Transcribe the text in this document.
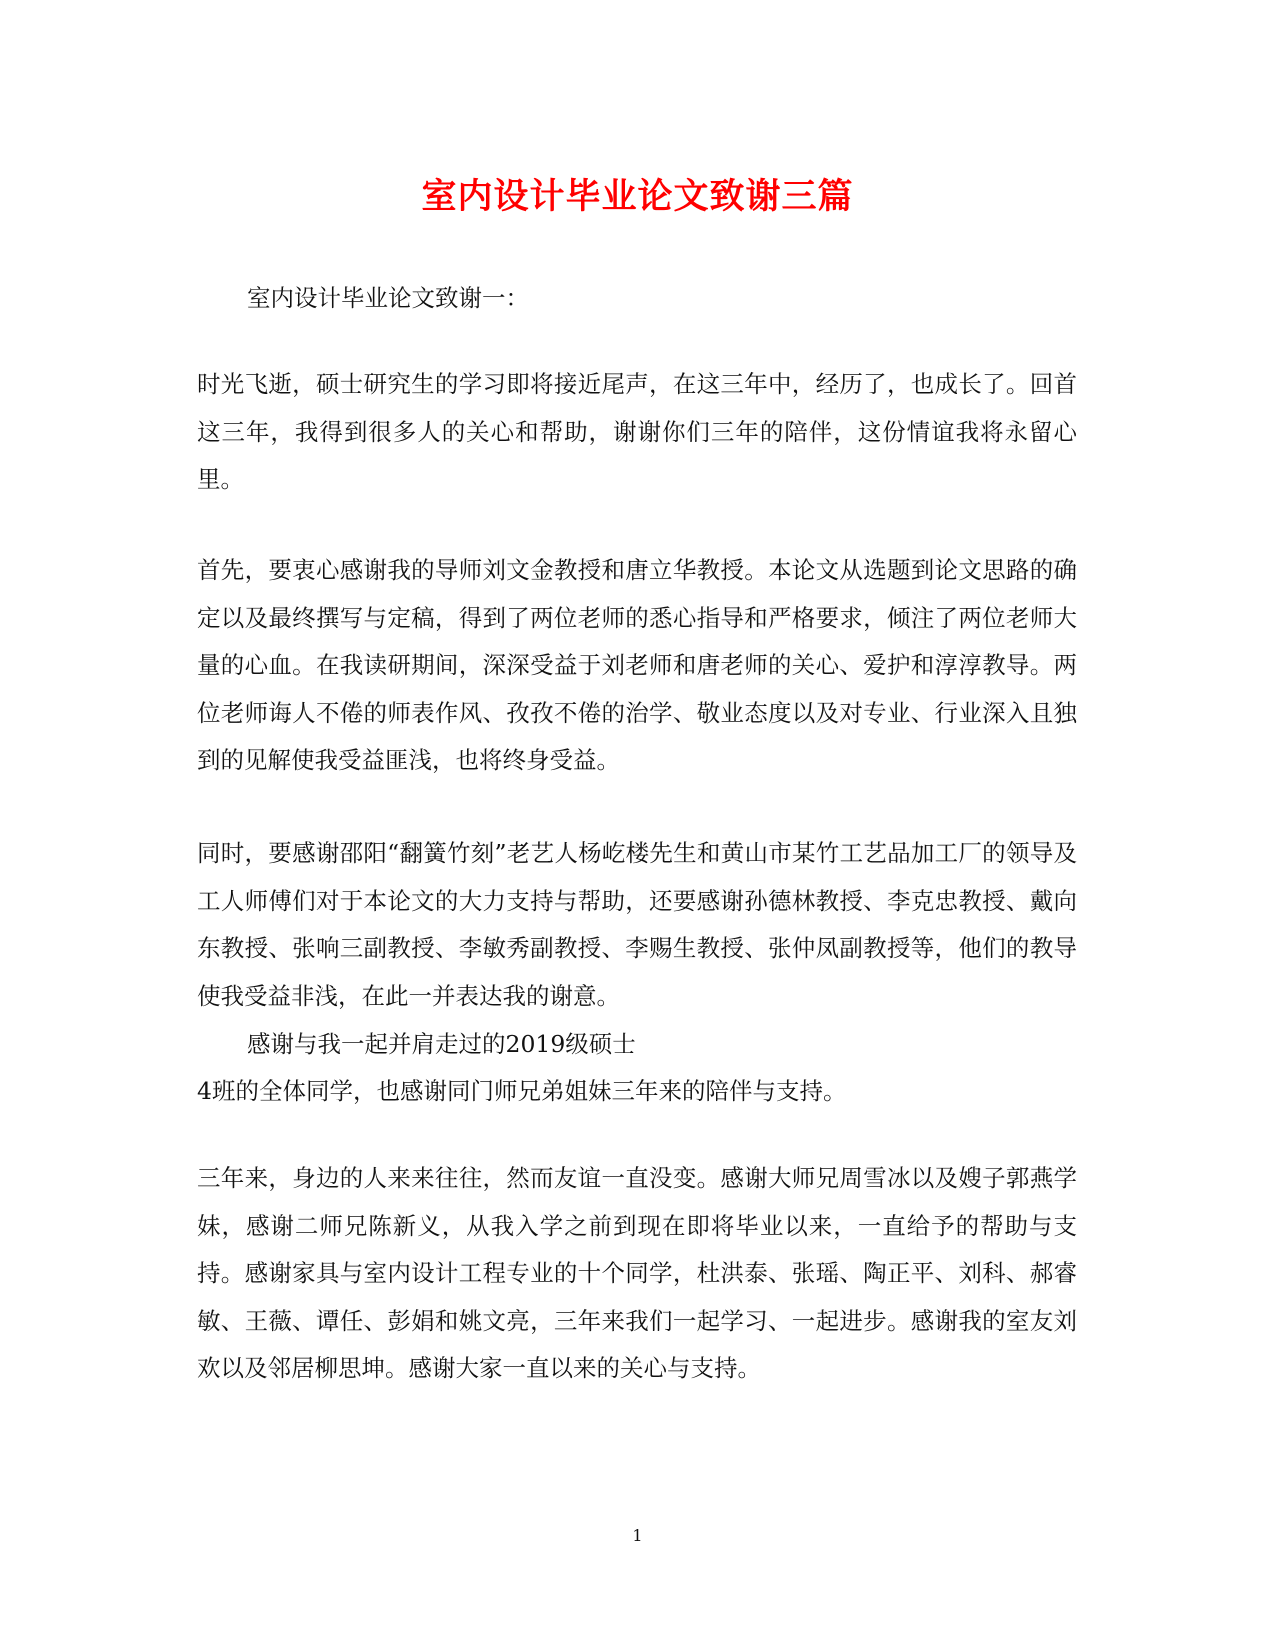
室内设计毕业论文致谢三篇

室内设计毕业论文致谢一：

时光飞逝，硕士研究生的学习即将接近尾声，在这三年中，经历了，也成长了。回首这三年，我得到很多人的关心和帮助，谢谢你们三年的陪伴，这份情谊我将永留心里。

首先，要衷心感谢我的导师刘文金教授和唐立华教授。本论文从选题到论文思路的确定以及最终撰写与定稿，得到了两位老师的悉心指导和严格要求，倾注了两位老师大量的心血。在我读研期间，深深受益于刘老师和唐老师的关心、爱护和淳淳教导。两位老师诲人不倦的师表作风、孜孜不倦的治学、敬业态度以及对专业、行业深入且独到的见解使我受益匪浅，也将终身受益。

同时，要感谢邵阳“翻簧竹刻”老艺人杨屹楼先生和黄山市某竹工艺品加工厂的领导及工人师傅们对于本论文的大力支持与帮助，还要感谢孙德林教授、李克忠教授、戴向东教授、张响三副教授、李敏秀副教授、李赐生教授、张仲凤副教授等，他们的教导使我受益非浅，在此一并表达我的谢意。

感谢与我一起并肩走过的2019级硕士

4班的全体同学，也感谢同门师兄弟姐妹三年来的陪伴与支持。

三年来，身边的人来来往往，然而友谊一直没变。感谢大师兄周雪冰以及嫂子郭燕学妹，感谢二师兄陈新义，从我入学之前到现在即将毕业以来，一直给予的帮助与支持。感谢家具与室内设计工程专业的十个同学，杜洪泰、张瑶、陶正平、刘科、郝睿敏、王薇、谭任、彭娟和姚文亮，三年来我们一起学习、一起进步。感谢我的室友刘欢以及邻居柳思坤。感谢大家一直以来的关心与支持。

1
